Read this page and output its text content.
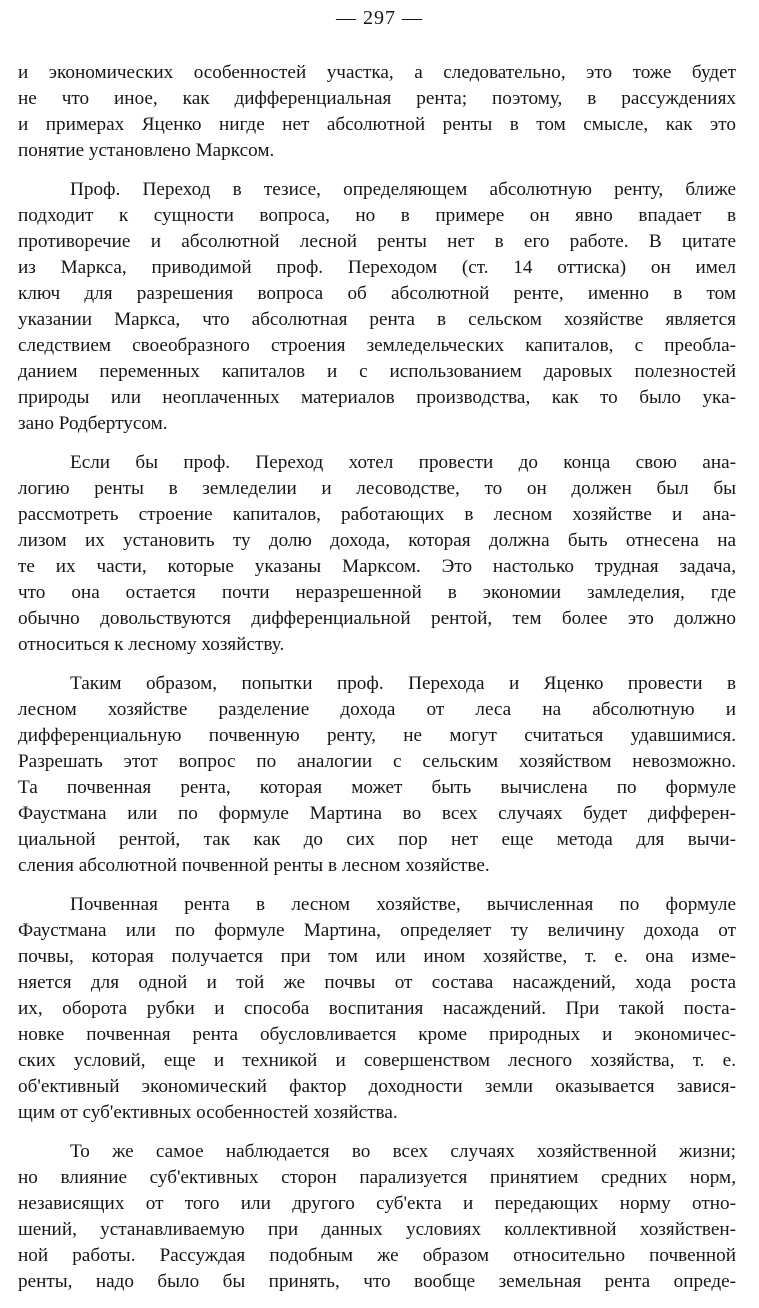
— 297 —

и экономических особенностей участка, а следовательно, это тоже будет
не что иное, как дифференциальная рента; поэтому, в рассуждениях
и примерах Яценко нигде нет абсолютной ренты в том смысле, как это
понятие установлено Марксом.

Проф. Переход в тезисе, определяющем абсолютную ренту, ближе
подходит к сущности вопроса, но в примере он явно впадает в
противоречие и абсолютной лесной ренты нет в его работе. В цитате
из Маркса, приводимой проф. Переходом (ст. 14 оттиска) он имел
ключ для разрешения вопроса об абсолютной ренте, именно в том
указании Маркса, что абсолютная рента в сельском хозяйстве является
следствием своеобразного строения земледельческих капиталов, с преобла-
данием переменных капиталов и с использованием даровых полезностей
природы или неоплаченных материалов производства, как то было ука-
зано Родбертусом.

Если бы проф. Переход хотел провести до конца свою ана-
логию ренты в земледелии и лесоводстве, то он должен был бы
рассмотреть строение капиталов, работающих в лесном хозяйстве и ана-
лизом их установить ту долю дохода, которая должна быть отнесена на
те их части, которые указаны Марксом. Это настолько трудная задача,
что она остается почти неразрешенной в экономии замледелия, где
обычно довольствуются дифференциальной рентой, тем более это должно
относиться к лесному хозяйству.

Таким образом, попытки проф. Перехода и Яценко провести в
лесном хозяйстве разделение дохода от леса на абсолютную и
дифференциальную почвенную ренту, не могут считаться удавшимися.
Разрешать этот вопрос по аналогии с сельским хозяйством невозможно.
Та почвенная рента, которая может быть вычислена по формуле
Фаустмана или по формуле Мартина во всех случаях будет дифферен-
циальной рентой, так как до сих пор нет еще метода для вычи-
сления абсолютной почвенной ренты в лесном хозяйстве.

Почвенная рента в лесном хозяйстве, вычисленная по формуле
Фаустмана или по формуле Мартина, определяет ту величину дохода от
почвы, которая получается при том или ином хозяйстве, т. е. она изме-
няется для одной и той же почвы от состава насаждений, хода роста
их, оборота рубки и способа воспитания насаждений. При такой поста-
новке почвенная рента обусловливается кроме природных и экономичес-
ских условий, еще и техникой и совершенством лесного хозяйства, т. е.
об'ективный экономический фактор доходности земли оказывается завися-
щим от суб'ективных особенностей хозяйства.

То же самое наблюдается во всех случаях хозяйственной жизни;
но влияние суб'ективных сторон парализуется принятием средних норм,
независящих от того или другого суб'екта и передающих норму отно-
шений, устанавливаемую при данных условиях коллективной хозяйствен-
ной работы. Рассуждая подобным же образом относительно почвенной
ренты, надо было бы принять, что вообще земельная рента опреде-
